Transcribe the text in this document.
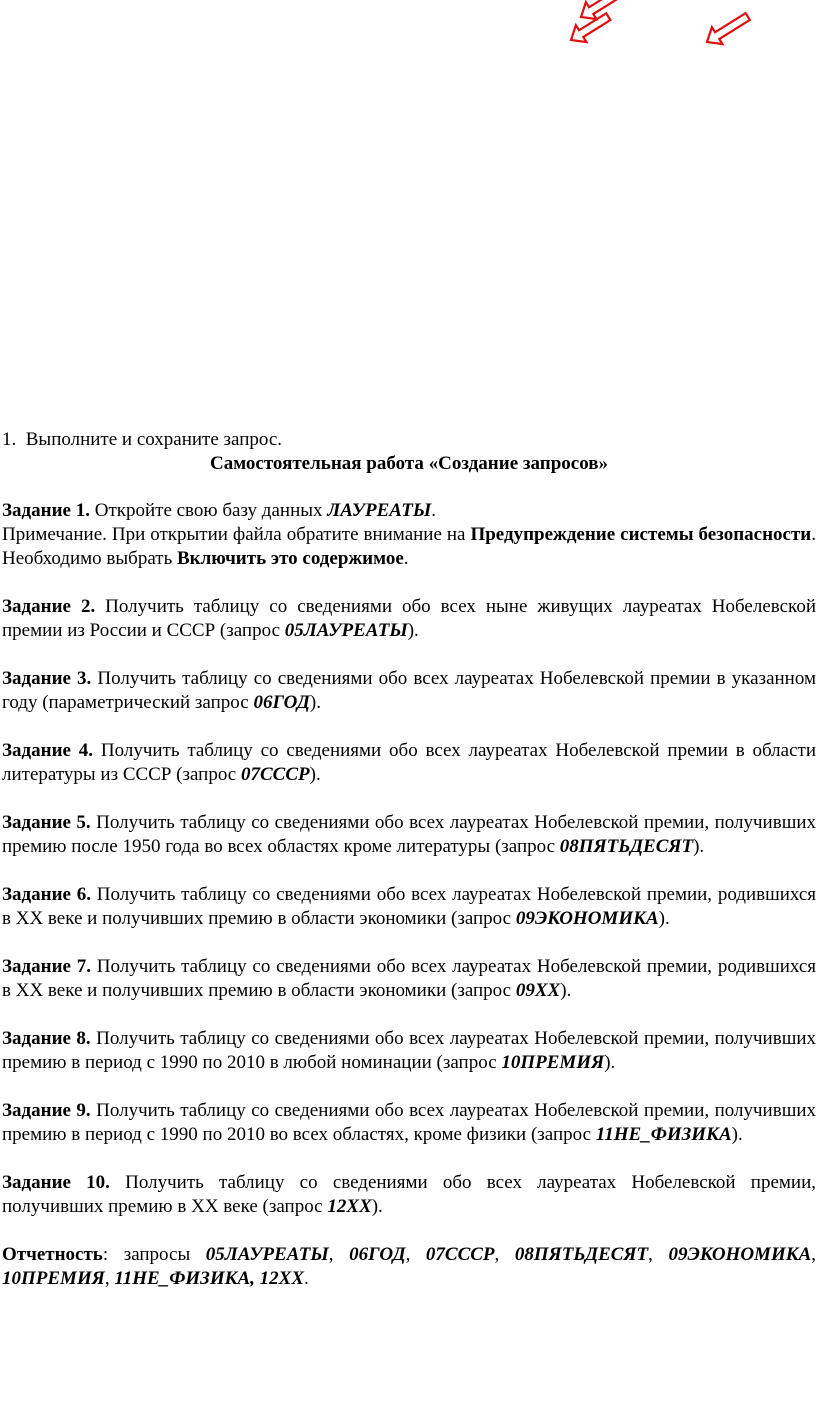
1. Выполните и сохраните запрос.

Самостоятельная работа «Создание запросов»

Задание 1. Откройте свою базу данных ЛАУРЕАТЫ.

Примечание. При открытии файла обратите внимание на Предупреждение системы безопасности. Необходимо выбрать Включить это содержимое.

Задание 2. Получить таблицу со сведениями обо всех ныне живущих лауреатах Нобелевской премии из России и СССР (запрос 05ЛАУРЕАТЫ).

Задание 3. Получить таблицу со сведениями обо всех лауреатах Нобелевской премии в указанном году (параметрический запрос 06ГОД).

Задание 4. Получить таблицу со сведениями обо всех лауреатах Нобелевской премии в области литературы из СССР (запрос 07СССР).

Задание 5. Получить таблицу со сведениями обо всех лауреатах Нобелевской премии, получивших премию после 1950 года во всех областях кроме литературы (запрос 08ПЯТЬДЕСЯТ).

Задание 6. Получить таблицу со сведениями обо всех лауреатах Нобелевской премии, родившихся в XX веке и получивших премию в области экономики (запрос 09ЭКОНОМИКА).

Задание 7. Получить таблицу со сведениями обо всех лауреатах Нобелевской премии, родившихся в XX веке и получивших премию в области экономики (запрос 09XX).

Задание 8. Получить таблицу со сведениями обо всех лауреатах Нобелевской премии, получивших премию в период с 1990 по 2010 в любой номинации (запрос 10ПРЕМИЯ).

Задание 9. Получить таблицу со сведениями обо всех лауреатах Нобелевской премии, получивших премию в период с 1990 по 2010 во всех областях, кроме физики (запрос 11НЕ_ФИЗИКА).

Задание 10. Получить таблицу со сведениями обо всех лауреатах Нобелевской премии, получивших премию в XX веке (запрос 12XX).

Отчетность: запросы 05ЛАУРЕАТЫ, 06ГОД, 07СССР, 08ПЯТЬДЕСЯТ, 09ЭКОНОМИКА, 10ПРЕМИЯ, 11НЕ_ФИЗИКА, 12XX.
